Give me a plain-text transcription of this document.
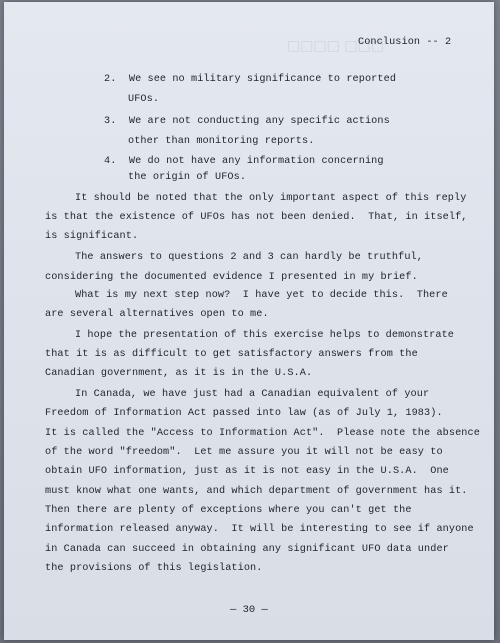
□□□ □□□□
Conclusion -- 2
2.  We see no military significance to reported
UFOs.
3.  We are not conducting any specific actions
other than monitoring reports.
4.  We do not have any information concerning
the origin of UFOs.
It should be noted that the only important aspect of this reply
is that the existence of UFOs has not been denied.  That, in itself,
is significant.
The answers to questions 2 and 3 can hardly be truthful,
considering the documented evidence I presented in my brief.
What is my next step now?  I have yet to decide this.  There
are several alternatives open to me.
I hope the presentation of this exercise helps to demonstrate
that it is as difficult to get satisfactory answers from the
Canadian government, as it is in the U.S.A.
In Canada, we have just had a Canadian equivalent of your
Freedom of Information Act passed into law (as of July 1, 1983).
It is called the "Access to Information Act".  Please note the absence
of the word "freedom".  Let me assure you it will not be easy to
obtain UFO information, just as it is not easy in the U.S.A.  One
must know what one wants, and which department of government has it.
Then there are plenty of exceptions where you can't get the
information released anyway.  It will be interesting to see if anyone
in Canada can succeed in obtaining any significant UFO data under
the provisions of this legislation.
— 30 —
